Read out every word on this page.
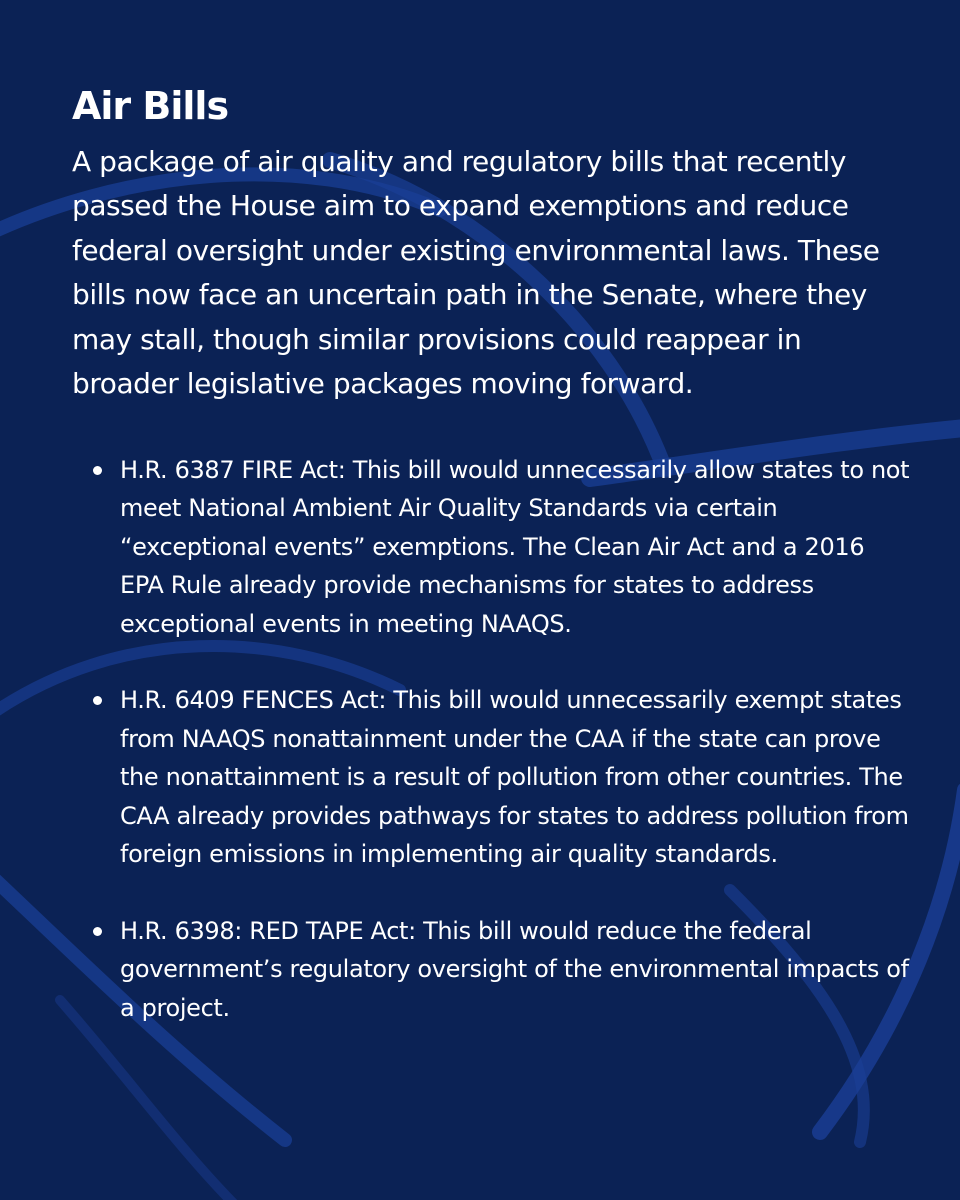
Air Bills

A package of air quality and regulatory bills that recently passed the House aim to expand exemptions and reduce federal oversight under existing environmental laws. These bills now face an uncertain path in the Senate, where they may stall, though similar provisions could reappear in broader legislative packages moving forward.

H.R. 6387 FIRE Act: This bill would unnecessarily allow states to not meet National Ambient Air Quality Standards via certain “exceptional events” exemptions. The Clean Air Act and a 2016 EPA Rule already provide mechanisms for states to address exceptional events in meeting NAAQS.
H.R. 6409 FENCES Act: This bill would unnecessarily exempt states from NAAQS nonattainment under the CAA if the state can prove the nonattainment is a result of pollution from other countries. The CAA already provides pathways for states to address pollution from foreign emissions in implementing air quality standards.
H.R. 6398: RED TAPE Act: This bill would reduce the federal government’s regulatory oversight of the environmental impacts of a project.
